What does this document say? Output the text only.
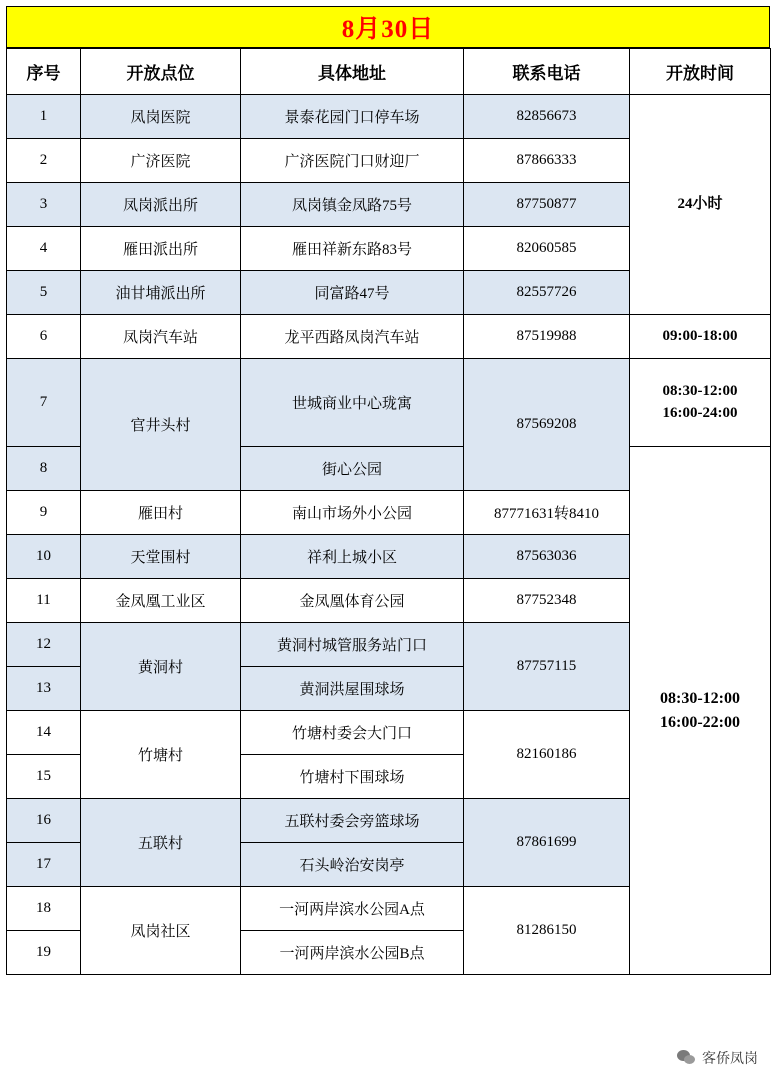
8月30日
序号	开放点位	具体地址	联系电话	开放时间
1	凤岗医院	景泰花园门口停车场	82856673	24小时
2	广济医院	广济医院门口财迎厂	87866333	
3	凤岗派出所	凤岗镇金凤路75号	87750877	
4	雁田派出所	雁田祥新东路83号	82060585	
5	油甘埔派出所	同富路47号	82557726	
6	凤岗汽车站	龙平西路凤岗汽车站	87519988	09:00-18:00
7	官井头村	世城商业中心珑寓	87569208	08:30-12:00
16:00-24:00

8		街心公园		08:30-12:00
16:00-22:00

9	雁田村	南山市场外小公园	87771631转8410	
10	天堂围村	祥利上城小区	87563036	
11	金凤凰工业区	金凤凰体育公园	87752348	
12	黄洞村	黄洞村城管服务站门口	87757115	
13		黄洞洪屋围球场		
14	竹塘村	竹塘村委会大门口	82160186	
15		竹塘村下围球场		
16	五联村	五联村委会旁篮球场	87861699	
17		石头岭治安岗亭		
18	凤岗社区	一河两岸滨水公园A点	81286150	
19		一河两岸滨水公园B点		
客侨凤岗
